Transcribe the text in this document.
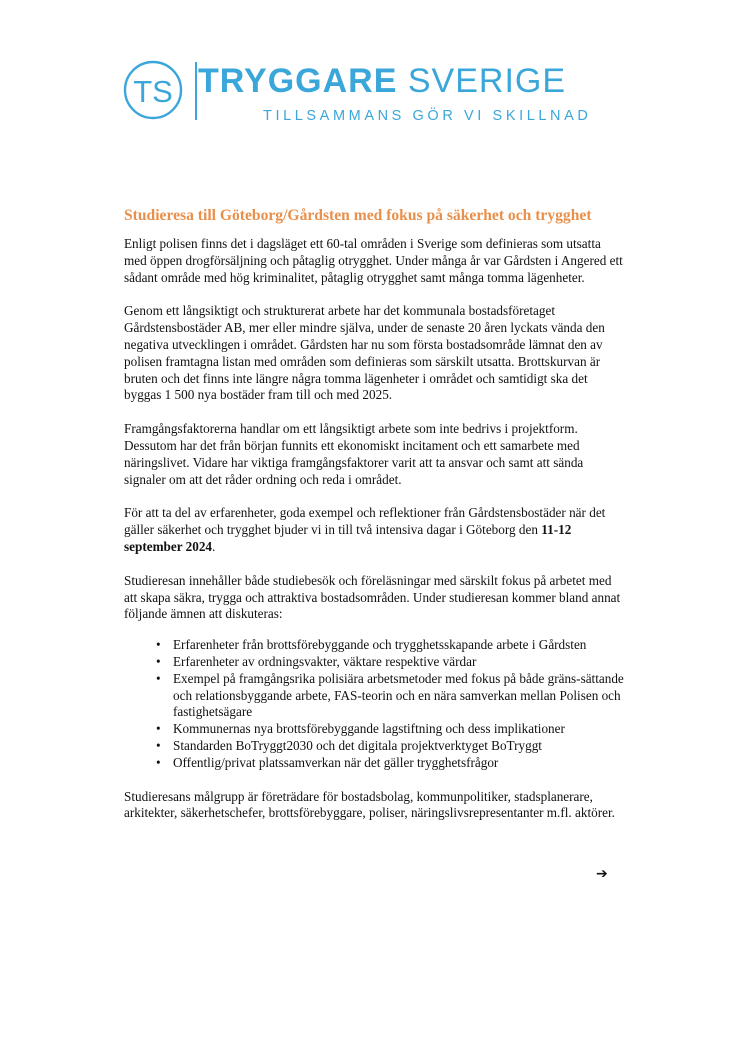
TS TRYGGARE SVERIGE

TILLSAMMANS GÖR VI SKILLNAD

Studieresa till Göteborg/Gårdsten med fokus på säkerhet och trygghet

Enligt polisen finns det i dagsläget ett 60-tal områden i Sverige som definieras som utsatta med öppen drogförsäljning och påtaglig otrygghet. Under många år var Gårdsten i Angered ett sådant område med hög kriminalitet, påtaglig otrygghet samt många tomma lägenheter.

Genom ett långsiktigt och strukturerat arbete har det kommunala bostadsföretaget Gårdstensbostäder AB, mer eller mindre själva, under de senaste 20 åren lyckats vända den negativa utvecklingen i området. Gårdsten har nu som första bostadsområde lämnat den av polisen framtagna listan med områden som definieras som särskilt utsatta. Brottskurvan är bruten och det finns inte längre några tomma lägenheter i området och samtidigt ska det byggas 1 500 nya bostäder fram till och med 2025.

Framgångsfaktorerna handlar om ett långsiktigt arbete som inte bedrivs i projektform. Dessutom har det från början funnits ett ekonomiskt incitament och ett samarbete med näringslivet. Vidare har viktiga framgångsfaktorer varit att ta ansvar och samt att sända signaler om att det råder ordning och reda i området.

För att ta del av erfarenheter, goda exempel och reflektioner från Gårdstensbostäder när det gäller säkerhet och trygghet bjuder vi in till två intensiva dagar i Göteborg den 11-12 september 2024.

Studieresan innehåller både studiebesök och föreläsningar med särskilt fokus på arbetet med att skapa säkra, trygga och attraktiva bostadsområden. Under studieresan kommer bland annat följande ämnen att diskuteras:

• Erfarenheter från brottsförebyggande och trygghetsskapande arbete i Gårdsten
• Erfarenheter av ordningsvakter, väktare respektive värdar
• Exempel på framgångsrika polisiära arbetsmetoder med fokus på både gräns-sättande och relationsbyggande arbete, FAS-teorin och en nära samverkan mellan Polisen och fastighetsägare
• Kommunernas nya brottsförebyggande lagstiftning och dess implikationer
• Standarden BoTryggt2030 och det digitala projektverktyget BoTryggt
• Offentlig/privat platssamverkan när det gäller trygghetsfrågor

Studieresans målgrupp är företrädare för bostadsbolag, kommunpolitiker, stadsplanerare, arkitekter, säkerhetschefer, brottsförebyggare, poliser, näringslivsrepresentanter m.fl. aktörer.

➔
